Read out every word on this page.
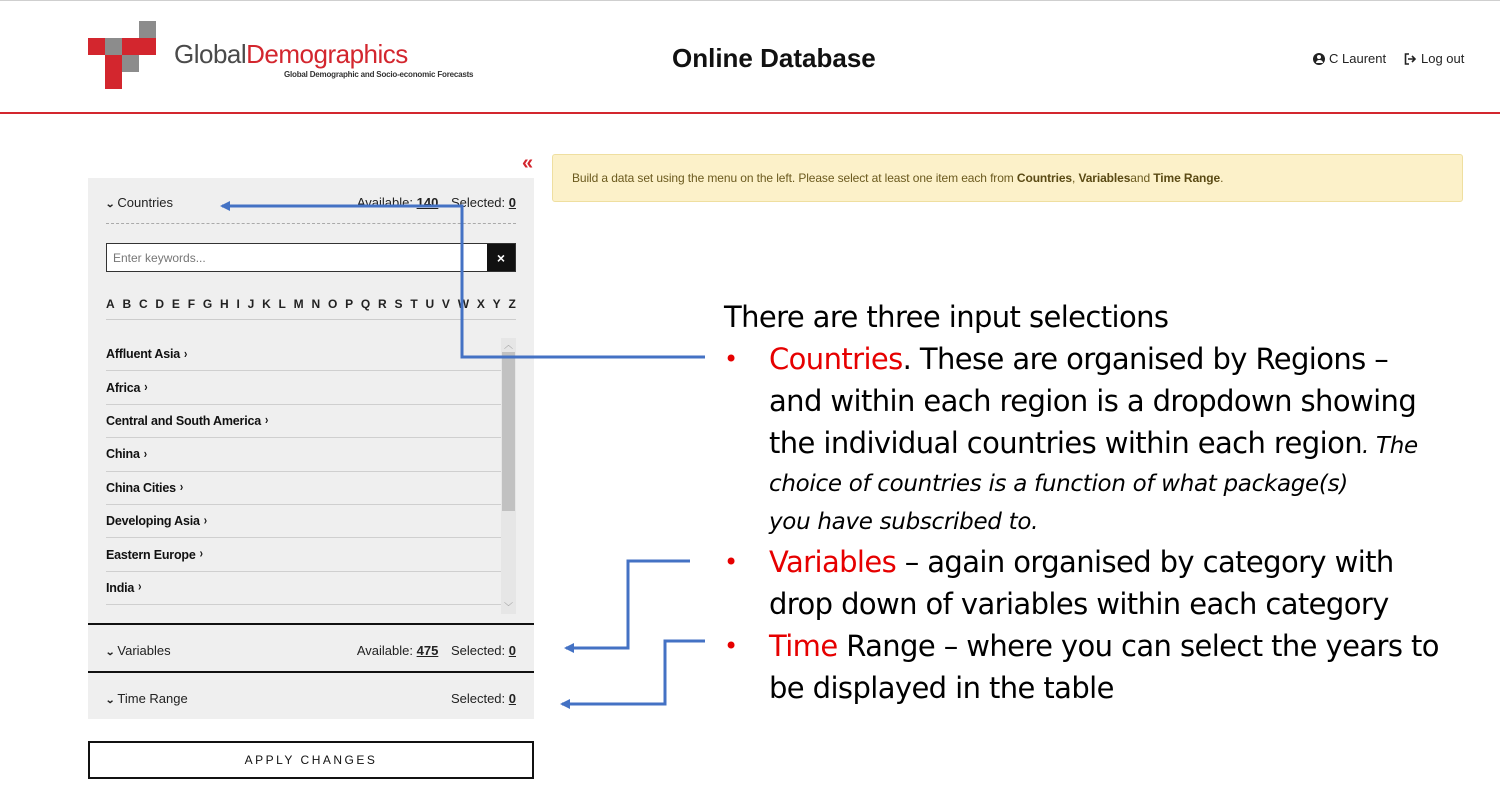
GlobalDemographics
Global Demographic and Socio-economic Forecasts
Online Database	C Laurent	Log out
«
⌄ Countries	Available: 140 Selected: 0
Enter keywords...
×
A B C D E F G H I J K L M N O P Q R S T U V W X Y Z
Affluent Asia ›
Africa ›
Central and South America ›
China ›
China Cities ›
Developing Asia ›
Eastern Europe ›
India ›
︿
﹀
⌄ Variables	Available: 475 Selected: 0
⌄ Time Range	Selected: 0
APPLY CHANGES
Build a data set using the menu on the left. Please select at least one item each from
Countries ,
Variables and
Time Range .
There are three input selections
• Countries. These are organised by Regions –
and within each region is a dropdown showing
the individual countries within each region. The
choice of countries is a function of what package(s)
you have subscribed to.
• Variables – again organised by category with
drop down of variables within each category
• Time Range – where you can select the years to
be displayed in the table
